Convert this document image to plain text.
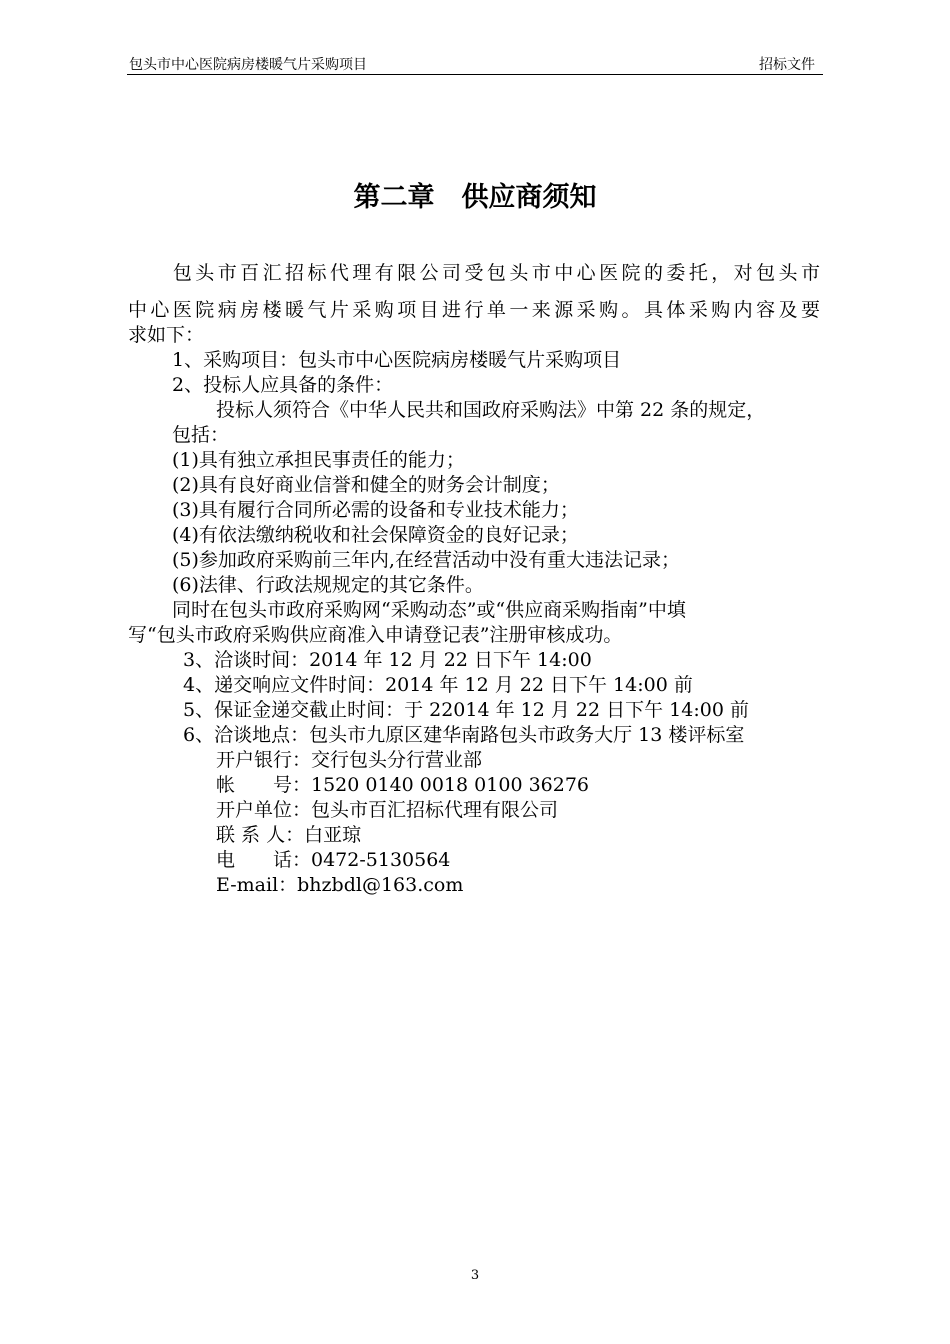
包头市中心医院病房楼暖气片采购项目	招标文件
第二章　供应商须知
　　包头市百汇招标代理有限公司受包头市中心医院的委托，对包头市
中心医院病房楼暖气片采购项目进行单一来源采购。具体采购内容及要
求如下：
1、采购项目：包头市中心医院病房楼暖气片采购项目
2、投标人应具备的条件：
投标人须符合《中华人民共和国政府采购法》中第 22 条的规定，
包括：
(1)具有独立承担民事责任的能力；
(2)具有良好商业信誉和健全的财务会计制度；
(3)具有履行合同所必需的设备和专业技术能力；
(4)有依法缴纳税收和社会保障资金的良好记录；
(5)参加政府采购前三年内,在经营活动中没有重大违法记录；
(6)法律、行政法规规定的其它条件。
同时在包头市政府采购网“采购动态”或“供应商采购指南”中填
写“包头市政府采购供应商准入申请登记表”注册审核成功。
3、洽谈时间：2014 年 12 月 22 日下午 14:00
4、递交响应文件时间：2014 年 12 月 22 日下午 14:00 前
5、保证金递交截止时间：于 22014 年 12 月 22 日下午 14:00 前
6、洽谈地点：包头市九原区建华南路包头市政务大厅 13 楼评标室
开户银行：交行包头分行营业部
帐　　号：1520 0140 0018 0100 36276
开户单位：包头市百汇招标代理有限公司
联 系 人：白亚琼
电　　话：0472-5130564
E-mail：bhzbdl@163.com
3
